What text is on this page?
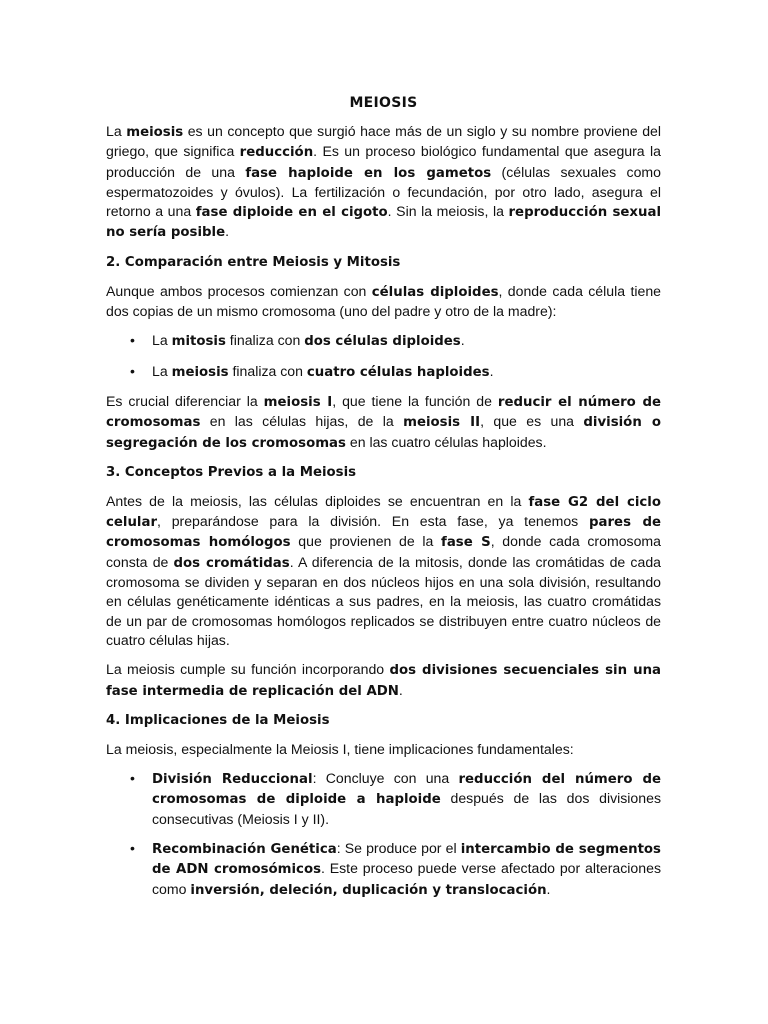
MEIOSIS

La meiosis es un concepto que surgió hace más de un siglo y su nombre proviene del griego, que significa reducción. Es un proceso biológico fundamental que asegura la producción de una fase haploide en los gametos (células sexuales como espermatozoides y óvulos). La fertilización o fecundación, por otro lado, asegura el retorno a una fase diploide en el cigoto. Sin la meiosis, la reproducción sexual no sería posible.

2. Comparación entre Meiosis y Mitosis

Aunque ambos procesos comienzan con células diploides, donde cada célula tiene dos copias de un mismo cromosoma (uno del padre y otro de la madre):

•	La mitosis finaliza con dos células diploides.
•	La meiosis finaliza con cuatro células haploides.

Es crucial diferenciar la meiosis I, que tiene la función de reducir el número de cromosomas en las células hijas, de la meiosis II, que es una división o segregación de los cromosomas en las cuatro células haploides.

3. Conceptos Previos a la Meiosis

Antes de la meiosis, las células diploides se encuentran en la fase G2 del ciclo celular, preparándose para la división. En esta fase, ya tenemos pares de cromosomas homólogos que provienen de la fase S, donde cada cromosoma consta de dos cromátidas. A diferencia de la mitosis, donde las cromátidas de cada cromosoma se dividen y separan en dos núcleos hijos en una sola división, resultando en células genéticamente idénticas a sus padres, en la meiosis, las cuatro cromátidas de un par de cromosomas homólogos replicados se distribuyen entre cuatro núcleos de cuatro células hijas.

La meiosis cumple su función incorporando dos divisiones secuenciales sin una fase intermedia de replicación del ADN.

4. Implicaciones de la Meiosis

La meiosis, especialmente la Meiosis I, tiene implicaciones fundamentales:

•	División Reduccional: Concluye con una reducción del número de cromosomas de diploide a haploide después de las dos divisiones consecutivas (Meiosis I y II).
•	Recombinación Genética: Se produce por el intercambio de segmentos de ADN cromosómicos. Este proceso puede verse afectado por alteraciones como inversión, deleción, duplicación y translocación.
